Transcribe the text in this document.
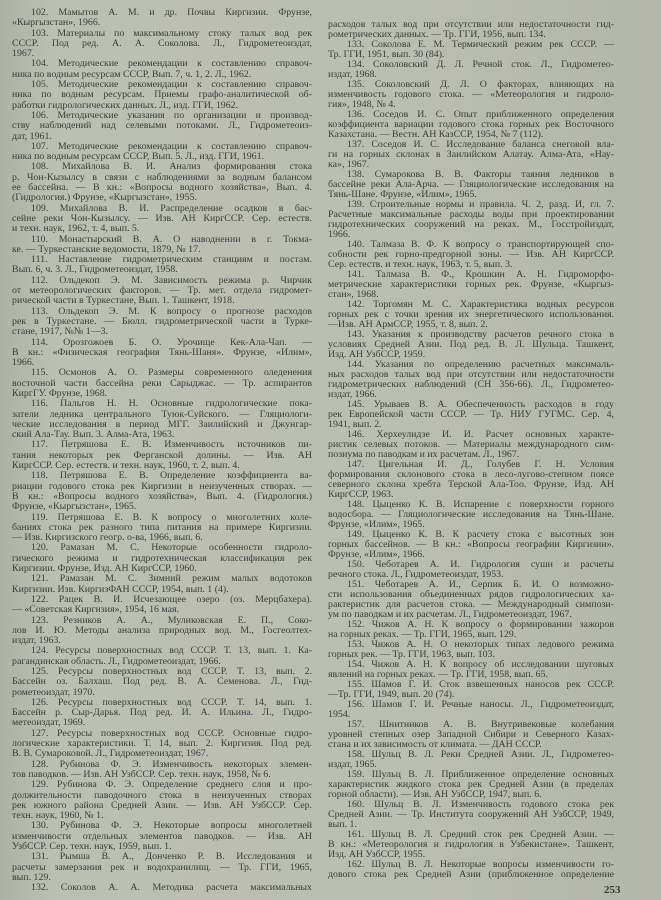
102. Мамытов А. М. и др. Почвы Киргизии. Фрунзе,
«Кыргызстан», 1966.
103. Материалы по максимальному стоку талых вод рек
СССР. Под ред. А. А. Соколова. Л., Гидрометеоиздат,
1967.
104. Методические рекомендации к составлению справоч-
ника по водным ресурсам СССР, Вып. 7, ч. 1, 2. Л., 1962.
105. Методические рекомендации к составлению справоч-
ника по водным ресурсам. Приемы графо-аналитической об-
работки гидрологических данных. Л., изд. ГГИ, 1962.
106. Методические указания по организации и производ-
ству наблюдений над селевыми потоками. Л., Гидрометеоиз-
дат, 1961.
107. Методические рекомендации к составлению справоч-
ника по водным ресурсам СССР, Вып. 5. Л., изд. ГГИ, 1961.
108. Михайлова В. И. Анализ формирования стока
р. Чон-Кызылсу в связи с наблюдениями за водным балансом
ее бассейна. — В кн.: «Вопросы водного хозяйства», Вып. 4.
(Гидрология.) Фрунзе, «Кыргызстан», 1955.
109. Михайлова В. И. Распределение осадков в бас-
сейне реки Чон-Кызылсу. — Изв. АН КиргССР. Сер. естеств.
и техн. наук, 1962, т. 4, вып. 5.
110. Монастырский В. А. О наводнении в г. Токма-
ке. — Туркестанские ведомости, 1879, № 17.
111. Наставление гидрометрическим станциям и постам.
Вып. 6, ч. 3. Л., Гидрометеоиздат, 1958.
112. Ольдекоп Э. М. Зависимость режима р. Чирчик
от метеорологических факторов. — Тр. мет. отдела гидромет-
рической части в Туркестане, Вып. 1. Ташкент, 1918.
113. Ольдекоп Э. М. К вопросу о прогнозе расходов
рек в Туркестане. — Бюлл. гидрометрической части в Турке-
стане, 1917, №№ 1—3.
114. Орозгожоев Б. О. Урочище Кек-Ала-Чап. —
В кн.: «Физическая география Тянь-Шаня». Фрунзе, «Илим»,
1966.
115. Осмонов А. О. Размеры современного оледенения
восточной части бассейна реки Сарыджас. — Тр. аспирантов
КиргГУ. Фрунзе, 1968.
116. Пальгов Н. Н. Основные гидрологические пока-
затели ледника центрального Туюк-Суйского. — Гляциологи-
ческие исследования в период МГГ. Заилийский и Джунгар-
ский Ала-Тау. Вып. 3. Алма-Ата, 1963.
117. Петряшова Е. В. Изменчивость источников пи-
тания некоторых рек Ферганской долины. — Изв. АН
КиргССР. Сер. естеств. и техн. наук, 1960, т. 2, вып. 4.
118. Петряшова Е. В. Определение коэффициента ва-
риации годового стока рек Киргизии в неизученных створах. —
В кн.: «Вопросы водного хозяйства», Вып. 4. (Гидрология.)
Фрунзе, «Кыргызстан», 1965.
119. Петряшова Е. В. К вопросу о многолетних коле-
баниях стока рек разного типа питания на примере Киргизии.
— Изв. Киргизского геогр. о-ва, 1966, вып. 6.
120. Рамазан М. С. Некоторые особенности гидроло-
гического режима и гидротехническая классификация рек
Киргизии. Фрунзе, Изд. АН КиргССР, 1960.
121. Рамазан М. С. Зимний режим малых водотоков
Киргизии. Изв. КиргизФАН СССР, 1954, вып. 1 (4).
122. Рацек В. И. Исчезающее озеро (оз. Мерцбахера).
— «Советская Киргизия», 1954, 16 мая.
123. Резников А. А., Муликовская Е. П., Соко-
лов И. Ю. Методы анализа природных вод. М., Госгеолтех-
издат, 1963.
124. Ресурсы поверхностных вод СССР. Т. 13, вып. 1. Ка-
рагандинская область. Л., Гидрометеоиздат, 1966.
125. Ресурсы поверхностных вод СССР. Т. 13, вып. 2.
Бассейн оз. Балхаш. Под ред. В. А. Семенова. Л., Гид-
рометеоиздат, 1970.
126. Ресурсы поверхностных вод СССР. Т. 14, вып. 1.
Бассейн р. Сыр-Дарья. Под ред. И. А. Ильина. Л., Гидро-
метеоиздат, 1969.
127. Ресурсы поверхностных вод СССР. Основные гидро-
логические характеристики. Т. 14, вып. 2. Киргизия. Под ред.
В. В. Сумароковой. Л., Гидрометеоиздат, 1967.
128. Рубинова Ф. Э. Изменчивость некоторых элемен-
тов паводков. — Изв. АН УзбССР. Сер. техн. наук, 1958, № 6.
129. Рубинова Ф. Э. Определение среднего слоя и про-
должительности паводочного стока в неизученных створах
рек южного района Средней Азии. — Изв. АН УзбССР. Сер.
техн. наук, 1960, № 1.
130. Рубинова Ф. Э. Некоторые вопросы многолетней
изменчивости отдельных элементов паводков. — Изв. АН
УзбССР. Сер. техн. наук, 1959, вып. 1.
131. Рымша В. А., Донченко Р. В. Исследования и
расчеты замерзания рек и водохранилищ. — Тр. ГГИ, 1965,
вып. 129.
132. Соколов А. А. Методика расчета максимальных
расходов талых вод при отсутствии или недостаточности гид-
рометрических данных. — Тр. ГГИ, 1956, вып. 134.
133. Соколова Е. М. Термический режим рек СССР. —
Тр. ГГИ, 1951, вып. 30 (84).
134. Соколовский Д. Л. Речной сток. Л., Гидрометео-
издат, 1968.
135. Соколовский Д. Л. О факторах, влияющих на
изменчивость годового стока. — «Метеорология и гидроло-
гия», 1948, № 4.
136. Соседов И. С. Опыт приближенного определения
коэффициента вариации годового стока горных рек Восточного
Казахстана. — Вестн. АН КазССР, 1954, № 7 (112).
137. Соседов И. С. Исследование баланса снеговой вла-
ги на горных склонах в Заилийском Алатау. Алма-Ата, «Нау-
ка», 1967.
138. Сумарокова В. В. Факторы таяния ледников в
бассейне реки Ала-Арча. — Гляциологические исследования на
Тянь-Шане. Фрунзе, «Илим», 1965.
139. Строительные нормы и правила. Ч. 2, разд. И, гл. 7.
Расчетные максимальные расходы воды при проектировании
гидротехнических сооружений на реках. М., Госстройиздат,
1966.
140. Талмаза В. Ф. К вопросу о транспортирующей спо-
собности рек горно-предгорной зоны. — Изв. АН КиргССР.
Сер. естеств. и техн. наук, 1963, т. 5, вып. 3.
141. Талмаза В. Ф., Крошкин А. Н. Гидроморфо-
метрические характеристики горных рек. Фрунзе, «Кыргыз-
стан», 1968.
142. Торгомян М. С. Характеристика водных ресурсов
горных рек с точки зрения их энергетического использования.
—Изв. АН АрмССР, 1955, т. 8, вып. 2.
143. Указания к производству расчетов речного стока в
условиях Средней Азии. Под ред. В. Л. Шульца. Ташкент,
Изд. АН УзбССР, 1959.
144. Указания по определению расчетных максималь-
ных расходов талых вод при отсутствии или недостаточности
гидрометрических наблюдений (СН 356-66). Л., Гидрометео-
издат, 1966.
145. Урываев В. А. Обеспеченность расходов в году
рек Европейской части СССР. — Тр. НИУ ГУГМС. Сер. 4,
1941, вып. 2.
146. Херхеулидзе И. И. Расчет основных характе-
ристик селевых потоков. — Материалы международного сим-
позиума по паводкам и их расчетам. Л., 1967.
147. Цигельная И. Д., Голубев Г. Н. Условия
формирования склонового стока в лесо-лугово-степном поясе
северного склона хребта Терской Ала-Тоо. Фрунзе, Изд. АН
КиргССР, 1963.
148. Цыценко К. В. Испарение с поверхности горного
водосбора. — Гляциологические исследования на Тянь-Шане.
Фрунзе, «Илим», 1965.
149. Цыценко К. В. К расчету стока с высотных зон
горных бассейнов. — В кн.: «Вопросы географии Киргизии».
Фрунзе, «Илим», 1966.
150. Чеботарев А. И. Гидрология суши и расчеты
речного стока. Л., Гидрометеоиздат, 1953.
151. Чеботарев А. И., Серпик Б. И. О возможно-
сти использования объединенных рядов гидрологических ха-
рактеристик для расчетов стока. — Международный симпози-
ум по паводкам и их расчетам. Л., Гидрометеоиздат, 1967.
152. Чижов А. Н. К вопросу о формировании зажоров
на горных реках. — Тр. ГГИ, 1965, вып. 129.
153. Чижов А. Н. О некоторых типах ледового режима
горных рек. — Тр. ГГИ, 1963, вып. 103.
154. Чижов А. Н. К вопросу об исследовании шуговых
явлений на горных реках. — Тр. ГГИ, 1958, вып. 65.
155. Шамов Г. И. Сток взвешенных наносов рек СССР.
—Тр. ГГИ, 1949, вып. 20 (74).
156. Шамов Г. И. Речные наносы. Л., Гидрометеоиздат,
1954.
157. Шнитников А. В. Внутривековые колебания
уровней степных озер Западной Сибири и Северного Казах-
стана и их зависимость от климата. — ДАН СССР.
158. Шульц В. Л. Реки Средней Азии. Л., Гидрометео-
издат, 1965.
159. Шульц В. Л. Приближенное определение основных
характеристик жидкого стока рек Средней Азии (в пределах
горной области). — Изв. АН УзбССР, 1947, вып. 6.
160. Шульц В. Л. Изменчивость годового стока рек
Средней Азии. — Тр. Института сооружений АН УзбССР, 1949,
вып. 1.
161. Шульц В. Л. Средний сток рек Средней Азии. —
В кн.: «Метеорология и гидрология в Узбекистане». Ташкент,
Изд. АН УзбССР, 1955.
162. Шульц В. Л. Некоторые вопросы изменчивости го-
дового стока рек Средней Азии (приближенное определение
253
